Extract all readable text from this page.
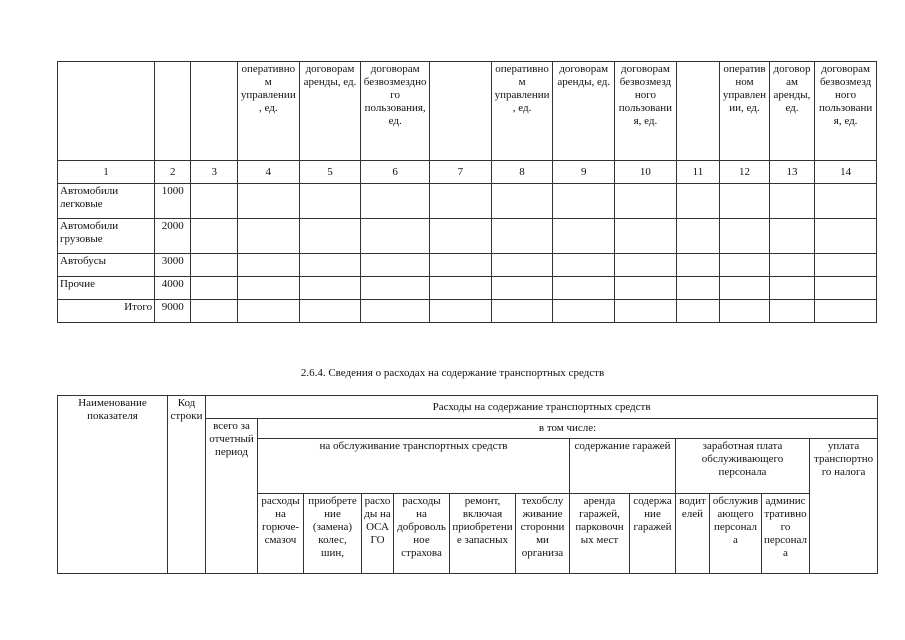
			оперативном управлении, ед.	договорам аренды, ед.	договорам безвозмездного пользования, ед.		оперативном управлении, ед.	договорам аренды, ед.	договорам безвозмездного пользования, ед.		оперативном управлении, ед.	договорам аренды, ед.	договорам безвозмездного пользования, ед.
1	2	3	4	5	6	7	8	9	10	11	12	13	14
Автомобили легковые	1000												
Автомобили грузовые	2000												
Автобусы	3000												
Прочие	4000												
Итого	9000												
2.6.4. Сведения о расходах на содержание транспортных средств
Наименование показателя	Код строки	Расходы на содержание транспортных средств												
		всего за отчетный период	в том числе:											
			на обслуживание транспортных средств						содержание гаражей		заработная плата обслуживающего персонала			уплата транспортного налога
			расходы на горюче-смазоч	приобретение (замена) колес, шин,	расходы на ОСАГО	расходы на добровольное страхова	ремонт, включая приобретение запасных	техобслуживание сторонними организа	аренда гаражей, парковочных мест	содержание гаражей	водителей	обслуживающего персонала	административного персонала	
